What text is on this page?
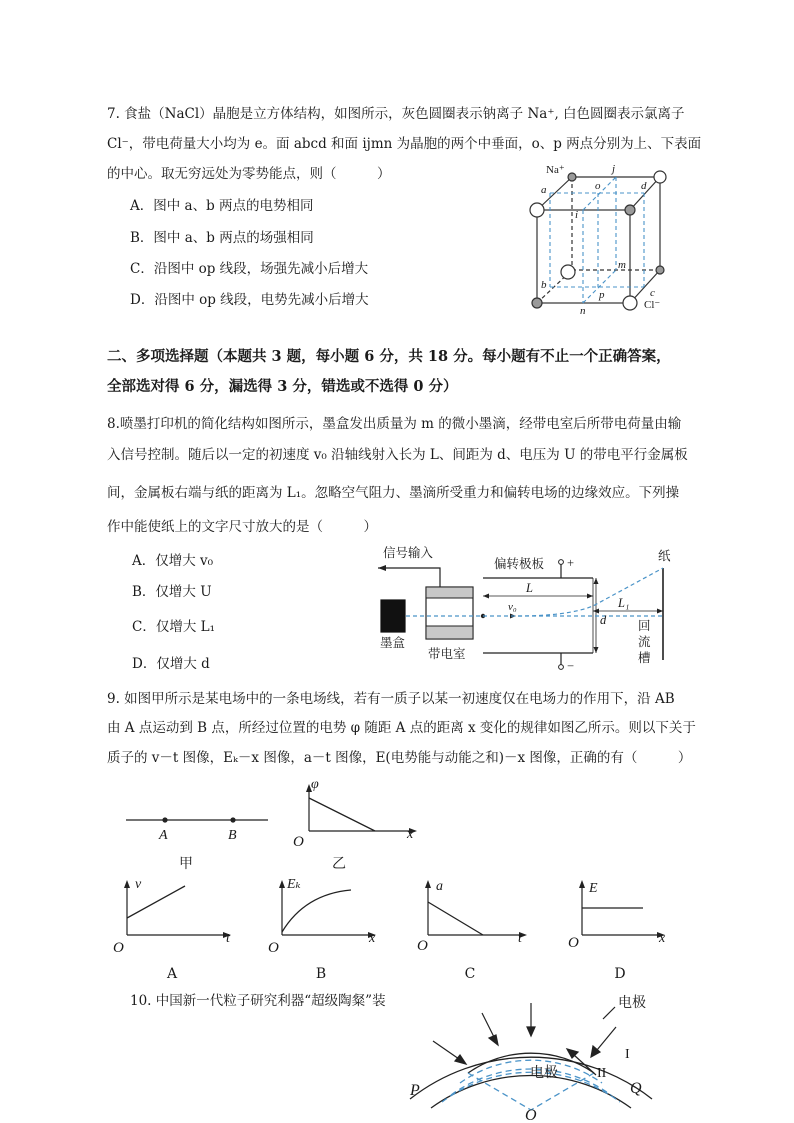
7. 食盐（NaCl）晶胞是立方体结构，如图所示，灰色圆圈表示钠离子 Na⁺, 白色圆圈表示氯离子
Cl⁻，带电荷量大小均为 e。面 abcd 和面 ijmn 为晶胞的两个中垂面，o、p 两点分别为上、下表面
的中心。取无穷远处为零势能点，则（　　　）
A．图中 a、b 两点的电势相同
B．图中 a、b 两点的场强相同
C．沿图中 op 线段，场强先减小后增大
D．沿图中 op 线段，电势先减小后增大
Na⁺
a
b
c
d
i
j
m
n
o
p
Cl⁻
二、多项选择题（本题共 3 题，每小题 6 分，共 18 分。每小题有不止一个正确答案，
全部选对得 6 分，漏选得 3 分，错选或不选得 0 分）
8.喷墨打印机的简化结构如图所示，墨盒发出质量为 m 的微小墨滴，经带电室后所带电荷量由输
入信号控制。随后以一定的初速度 v₀ 沿轴线射入长为 L、间距为 d、电压为 U 的带电平行金属板
间，金属板右端与纸的距离为 L₁。忽略空气阻力、墨滴所受重力和偏转电场的边缘效应。下列操
作中能使纸上的文字尺寸放大的是（　　　）
A．仅增大 v₀
B．仅增大 U
C．仅增大 L₁
D．仅增大 d
信号输入
偏转极板 +
−
纸
墨盒
带电室
v₀
L
L₁
d	回
流
槽
9. 如图甲所示是某电场中的一条电场线，若有一质子以某一初速度仅在电场力的作用下，沿 AB
由 A 点运动到 B 点，所经过位置的电势 φ 随距 A 点的距离 x 变化的规律如图乙所示。则以下关于
质子的 v－t 图像，Eₖ－x 图像，a－t 图像，E(电势能与动能之和)－x 图像，正确的有（　　　）
A	B
甲
φ
O	x
乙
v
O
t
A
Eₖ
O
x
B
a
O	t
C
E
O	x
D
10. 中国新一代粒子研究利器“超级陶粲”装
P	Q
O
电极
电极
I
II
